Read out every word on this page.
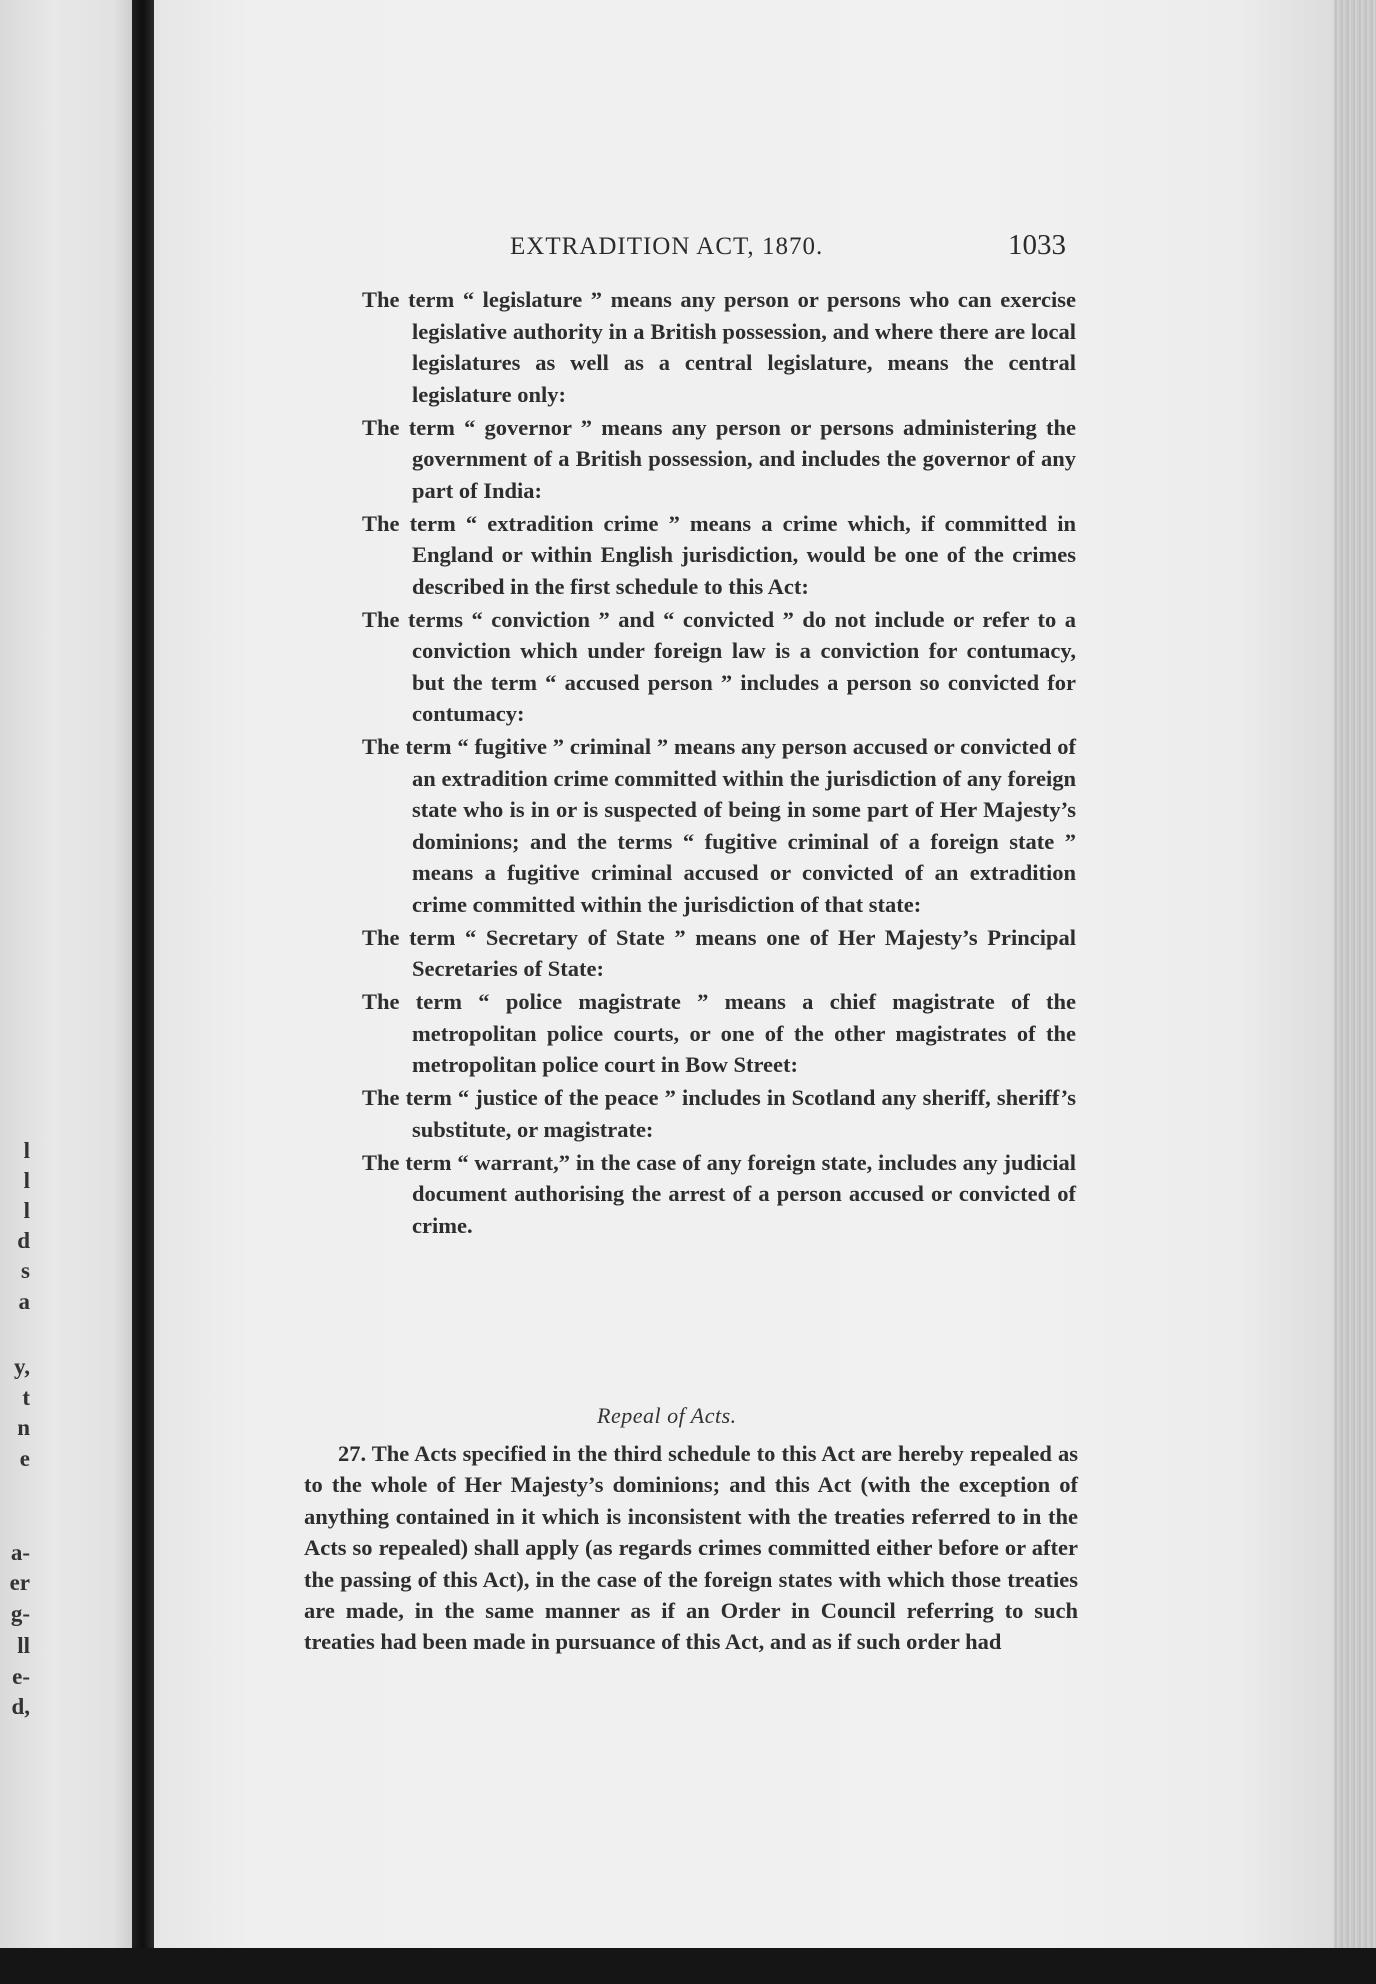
l
l
l
d
s
a
y,
t
n
e
a-
er
g-
ll
e-
d,
EXTRADITION ACT, 1870.	1033

The term “ legislature ” means any person or persons who can exercise legislative authority in a British possession, and where there are local legislatures as well as a central legislature, means the central legislature only:

The term “ governor ” means any person or persons administering the government of a British possession, and includes the governor of any part of India:

The term “ extradition crime ” means a crime which, if committed in England or within English jurisdiction, would be one of the crimes described in the first schedule to this Act:

The terms “ conviction ” and “ convicted ” do not include or refer to a conviction which under foreign law is a conviction for contumacy, but the term “ accused person ” includes a person so convicted for contumacy:

The term “ fugitive ” criminal ” means any person accused or convicted of an extradition crime committed within the jurisdiction of any foreign state who is in or is suspected of being in some part of Her Majesty’s dominions; and the terms “ fugitive criminal of a foreign state ” means a fugitive criminal accused or convicted of an extradition crime committed within the jurisdiction of that state:

The term “ Secretary of State ” means one of Her Majesty’s Principal Secretaries of State:

The term “ police magistrate ” means a chief magistrate of the metropolitan police courts, or one of the other magistrates of the metropolitan police court in Bow Street:

The term “ justice of the peace ” includes in Scotland any sheriff, sheriff’s substitute, or magistrate:

The term “ warrant,” in the case of any foreign state, includes any judicial document authorising the arrest of a person accused or convicted of crime.

Repeal of Acts.

27. The Acts specified in the third schedule to this Act are hereby repealed as to the whole of Her Majesty’s dominions; and this Act (with the exception of anything contained in it which is inconsistent with the treaties referred to in the Acts so repealed) shall apply (as regards crimes committed either before or after the passing of this Act), in the case of the foreign states with which those treaties are made, in the same manner as if an Order in Council referring to such treaties had been made in pursuance of this Act, and as if such order had
